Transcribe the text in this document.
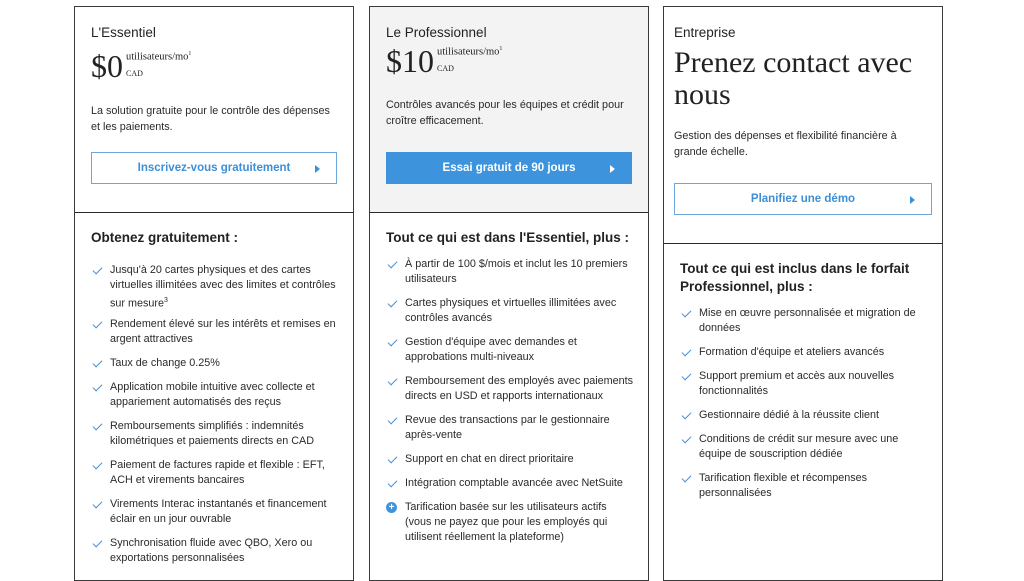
L'Essentiel
$0 utilisateurs/$mo^1$
CAD
La solution gratuite pour le contrôle des dépenses et les paiements.
Inscrivez-vous gratuitement
Obtenez gratuitement :
Jusqu'à 20 cartes physiques et des cartes virtuelles illimitées avec des limites et contrôles sur mesure$^3$
Rendement élevé sur les intérêts et remises en argent attractives
Taux de change 0.25%
Application mobile intuitive avec collecte et appariement automatisés des reçus
Remboursements simplifiés : indemnités kilométriques et paiements directs en CAD
Paiement de factures rapide et flexible : EFT, ACH et virements bancaires
Virements Interac instantanés et financement éclair en un jour ouvrable
Synchronisation fluide avec QBO, Xero ou exportations personnalisées
Le Professionnel
$10 utilisateurs/$mo^1$
CAD
Contrôles avancés pour les équipes et crédit pour croître efficacement.
Essai gratuit de 90 jours
Tout ce qui est dans l'Essentiel, plus :
À partir de 100 $/mois et inclut les 10 premiers utilisateurs
Cartes physiques et virtuelles illimitées avec contrôles avancés
Gestion d'équipe avec demandes et approbations multi-niveaux
Remboursement des employés avec paiements directs en USD et rapports internationaux
Revue des transactions par le gestionnaire après-vente
Support en chat en direct prioritaire
Intégration comptable avancée avec NetSuite
+ Tarification basée sur les utilisateurs actifs (vous ne payez que pour les employés qui utilisent réellement la plateforme)
Entreprise
Prenez contact avec nous
Gestion des dépenses et flexibilité financière à grande échelle.
Planifiez une démo
Tout ce qui est inclus dans le forfait Professionnel, plus :
Mise en œuvre personnalisée et migration de données
Formation d'équipe et ateliers avancés
Support premium et accès aux nouvelles fonctionnalités
Gestionnaire dédié à la réussite client
Conditions de crédit sur mesure avec une équipe de souscription dédiée
Tarification flexible et récompenses personnalisées
